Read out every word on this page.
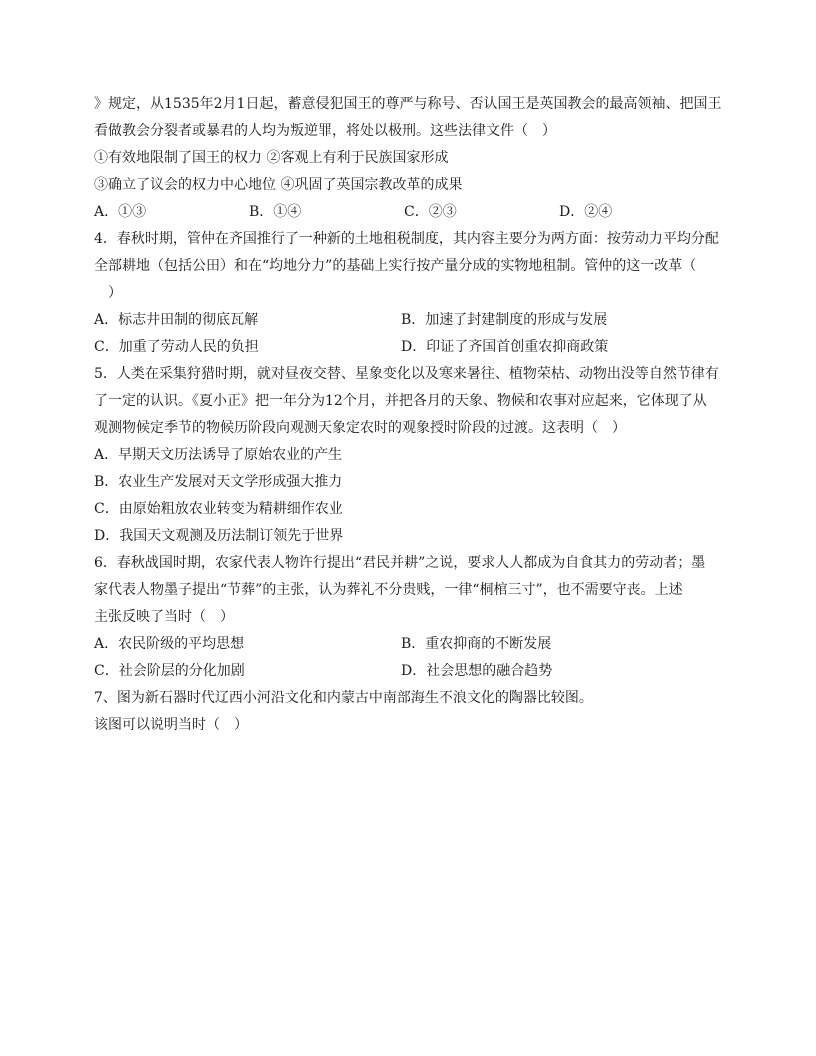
》规定，从1535年2月1日起，蓄意侵犯国王的尊严与称号、否认国王是英国教会的最高领袖、把国王
看做教会分裂者或暴君的人均为叛逆罪，将处以极刑。这些法律文件（　）
①有效地限制了国王的权力 ②客观上有利于民族国家形成
③确立了议会的权力中心地位 ④巩固了英国宗教改革的成果
A．①③	B．①④	C．②③	D．②④
4．春秋时期，管仲在齐国推行了一种新的土地租税制度，其内容主要分为两方面：按劳动力平均分配
全部耕地（包括公田）和在“均地分力”的基础上实行按产量分成的实物地租制。管仲的这一改革（
　）
A．标志井田制的彻底瓦解	B．加速了封建制度的形成与发展
C．加重了劳动人民的负担	D．印证了齐国首创重农抑商政策
5．人类在采集狩猎时期，就对昼夜交替、星象变化以及寒来暑往、植物荣枯、动物出没等自然节律有
了一定的认识。《夏小正》把一年分为12个月，并把各月的天象、物候和农事对应起来，它体现了从
观测物候定季节的物候历阶段向观测天象定农时的观象授时阶段的过渡。这表明（　）
A．早期天文历法诱导了原始农业的产生
B．农业生产发展对天文学形成强大推力
C．由原始粗放农业转变为精耕细作农业
D．我国天文观测及历法制订领先于世界
6．春秋战国时期，农家代表人物许行提出“君民并耕”之说，要求人人都成为自食其力的劳动者；墨
家代表人物墨子提出“节葬”的主张，认为葬礼不分贵贱，一律“桐棺三寸”，也不需要守丧。上述
主张反映了当时（　）
A．农民阶级的平均思想	B．重农抑商的不断发展
C．社会阶层的分化加剧	D．社会思想的融合趋势
7、图为新石器时代辽西小河沿文化和内蒙古中南部海生不浪文化的陶器比较图。
该图可以说明当时（　）
